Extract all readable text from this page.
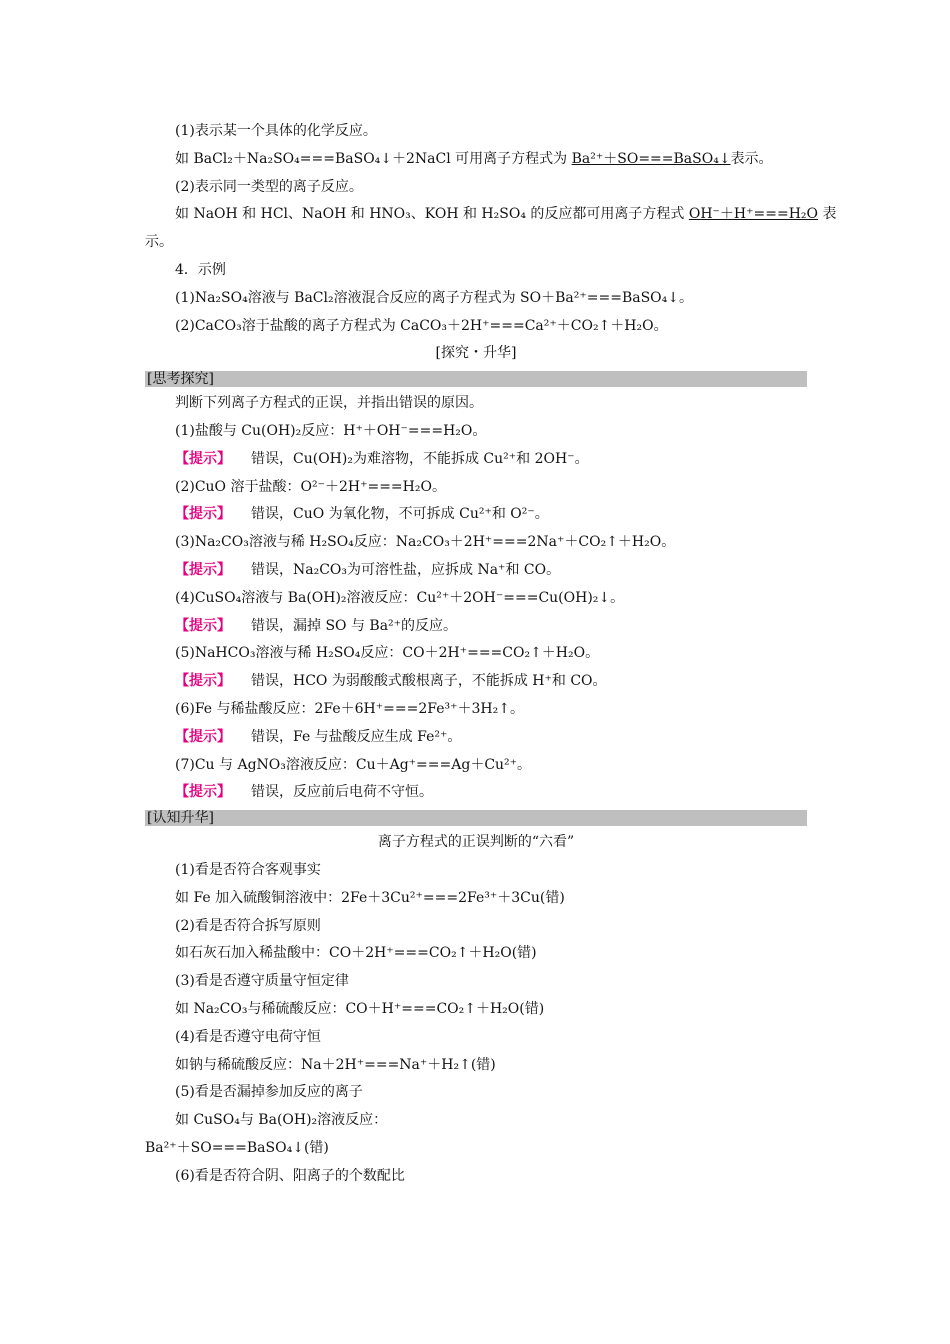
(1)表示某一个具体的化学反应。
如 BaCl₂＋Na₂SO₄===BaSO₄↓＋2NaCl 可用离子方程式为 Ba²⁺＋SO===BaSO₄↓表示。
(2)表示同一类型的离子反应。
如 NaOH 和 HCl、NaOH 和 HNO₃、KOH 和 H₂SO₄ 的反应都可用离子方程式 OH⁻＋H⁺===H₂O 表
示。
4．示例
(1)Na₂SO₄溶液与 BaCl₂溶液混合反应的离子方程式为 SO＋Ba²⁺===BaSO₄↓。
(2)CaCO₃溶于盐酸的离子方程式为 CaCO₃＋2H⁺===Ca²⁺＋CO₂↑＋H₂O。
[探究・升华]
[思考探究]
判断下列离子方程式的正误，并指出错误的原因。
(1)盐酸与 Cu(OH)₂反应：H⁺＋OH⁻===H₂O。
【提示】 错误，Cu(OH)₂为难溶物，不能拆成 Cu²⁺和 2OH⁻。
(2)CuO 溶于盐酸：O²⁻＋2H⁺===H₂O。
【提示】 错误，CuO 为氧化物，不可拆成 Cu²⁺和 O²⁻。
(3)Na₂CO₃溶液与稀 H₂SO₄反应：Na₂CO₃＋2H⁺===2Na⁺＋CO₂↑＋H₂O。
【提示】 错误，Na₂CO₃为可溶性盐，应拆成 Na⁺和 CO。
(4)CuSO₄溶液与 Ba(OH)₂溶液反应：Cu²⁺＋2OH⁻===Cu(OH)₂↓。
【提示】 错误，漏掉 SO 与 Ba²⁺的反应。
(5)NaHCO₃溶液与稀 H₂SO₄反应：CO＋2H⁺===CO₂↑＋H₂O。
【提示】 错误，HCO 为弱酸酸式酸根离子，不能拆成 H⁺和 CO。
(6)Fe 与稀盐酸反应：2Fe＋6H⁺===2Fe³⁺＋3H₂↑。
【提示】 错误，Fe 与盐酸反应生成 Fe²⁺。
(7)Cu 与 AgNO₃溶液反应：Cu＋Ag⁺===Ag＋Cu²⁺。
【提示】 错误，反应前后电荷不守恒。
[认知升华]
离子方程式的正误判断的“六看”
(1)看是否符合客观事实
如 Fe 加入硫酸铜溶液中：2Fe＋3Cu²⁺===2Fe³⁺＋3Cu(错)
(2)看是否符合拆写原则
如石灰石加入稀盐酸中：CO＋2H⁺===CO₂↑＋H₂O(错)
(3)看是否遵守质量守恒定律
如 Na₂CO₃与稀硫酸反应：CO＋H⁺===CO₂↑＋H₂O(错)
(4)看是否遵守电荷守恒
如钠与稀硫酸反应：Na＋2H⁺===Na⁺＋H₂↑(错)
(5)看是否漏掉参加反应的离子
如 CuSO₄与 Ba(OH)₂溶液反应：
Ba²⁺＋SO===BaSO₄↓(错)
(6)看是否符合阴、阳离子的个数配比
